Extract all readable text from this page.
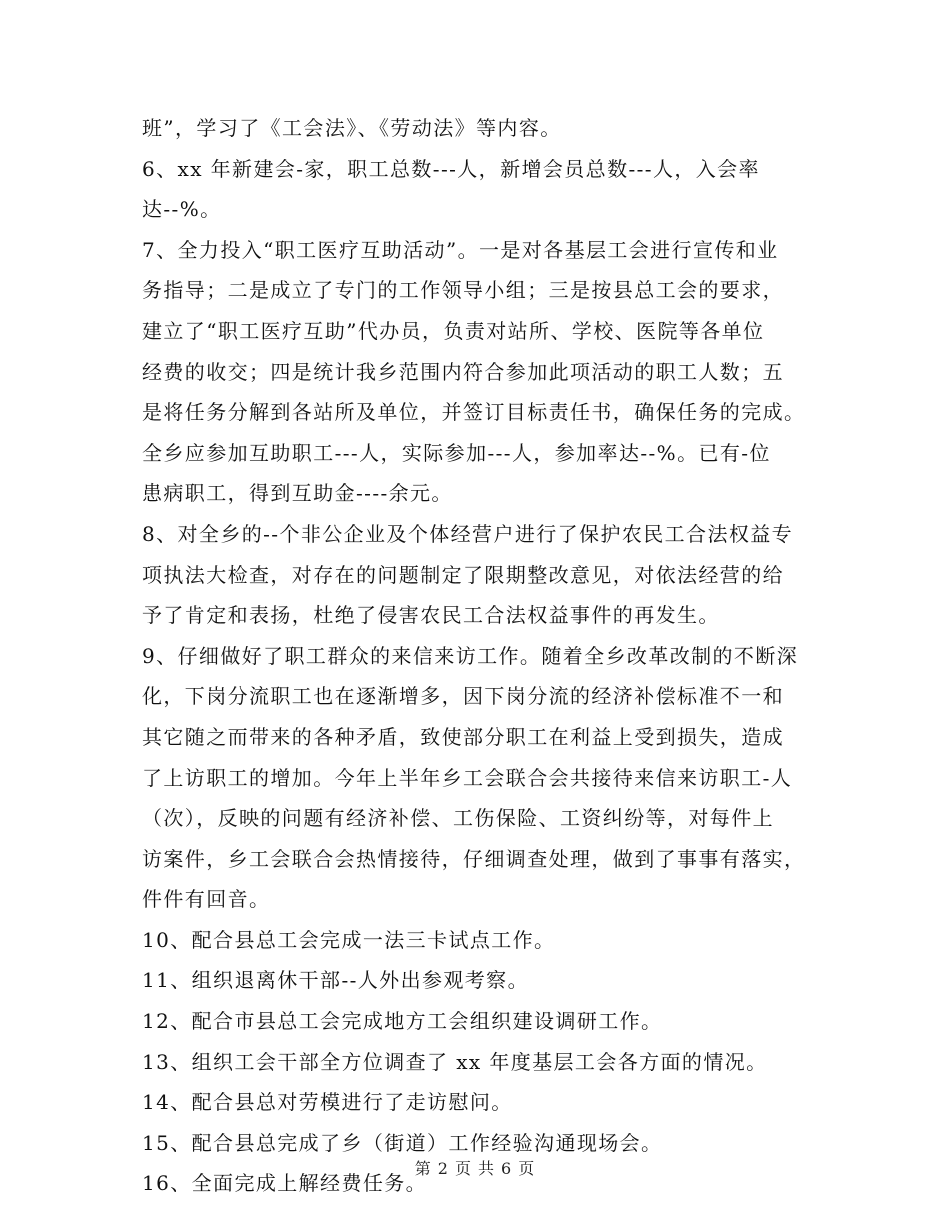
班”，学习了《工会法》、《劳动法》等内容。
6、xx 年新建会-家，职工总数---人，新增会员总数---人，入会率
达--%。
7、全力投入“职工医疗互助活动”。一是对各基层工会进行宣传和业
务指导；二是成立了专门的工作领导小组；三是按县总工会的要求，
建立了“职工医疗互助”代办员，负责对站所、学校、医院等各单位
经费的收交；四是统计我乡范围内符合参加此项活动的职工人数；五
是将任务分解到各站所及单位，并签订目标责任书，确保任务的完成。
全乡应参加互助职工---人，实际参加---人，参加率达--%。已有-位
患病职工，得到互助金----余元。
8、对全乡的--个非公企业及个体经营户进行了保护农民工合法权益专
项执法大检查，对存在的问题制定了限期整改意见，对依法经营的给
予了肯定和表扬，杜绝了侵害农民工合法权益事件的再发生。
9、仔细做好了职工群众的来信来访工作。随着全乡改革改制的不断深
化，下岗分流职工也在逐渐增多，因下岗分流的经济补偿标准不一和
其它随之而带来的各种矛盾，致使部分职工在利益上受到损失，造成
了上访职工的增加。今年上半年乡工会联合会共接待来信来访职工-人
（次），反映的问题有经济补偿、工伤保险、工资纠纷等，对每件上
访案件，乡工会联合会热情接待，仔细调查处理，做到了事事有落实，
件件有回音。
10、配合县总工会完成一法三卡试点工作。
11、组织退离休干部--人外出参观考察。
12、配合市县总工会完成地方工会组织建设调研工作。
13、组织工会干部全方位调查了 xx 年度基层工会各方面的情况。
14、配合县总对劳模进行了走访慰问。
15、配合县总完成了乡（街道）工作经验沟通现场会。
16、全面完成上解经费任务。
第 2 页 共 6 页
